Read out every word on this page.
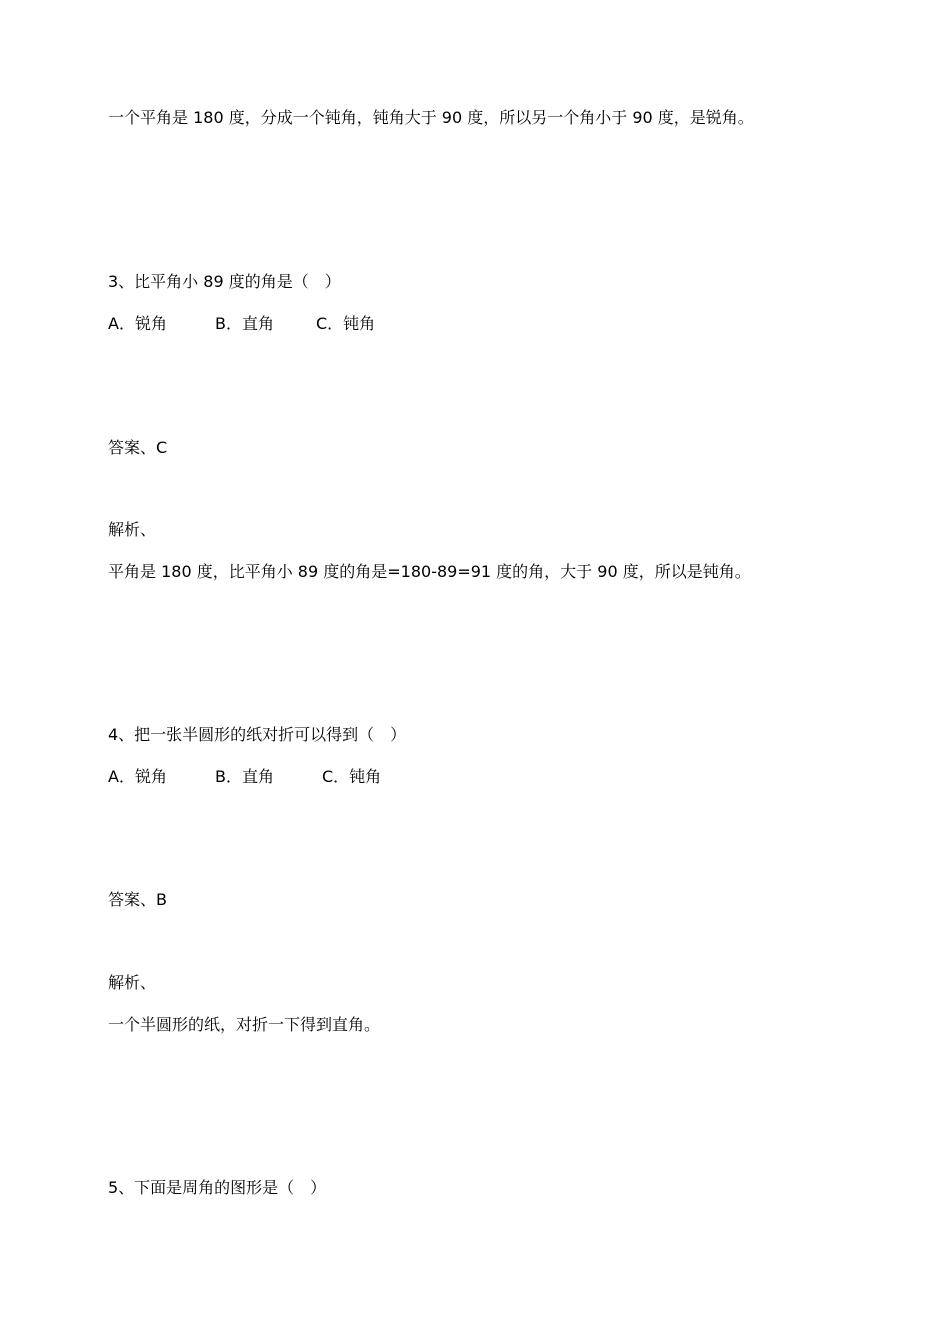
一个平角是 180 度，分成一个钝角，钝角大于 90 度，所以另一个角小于 90 度，是锐角。
3、比平角小 89 度的角是（　）
A．锐角	B．直角	C．钝角
答案、C
解析、
平角是 180 度，比平角小 89 度的角是=180-89=91 度的角，大于 90 度，所以是钝角。
4、把一张半圆形的纸对折可以得到（　）
A．锐角	B．直角	C．钝角
答案、B
解析、
一个半圆形的纸，对折一下得到直角。
5、下面是周角的图形是（　）
